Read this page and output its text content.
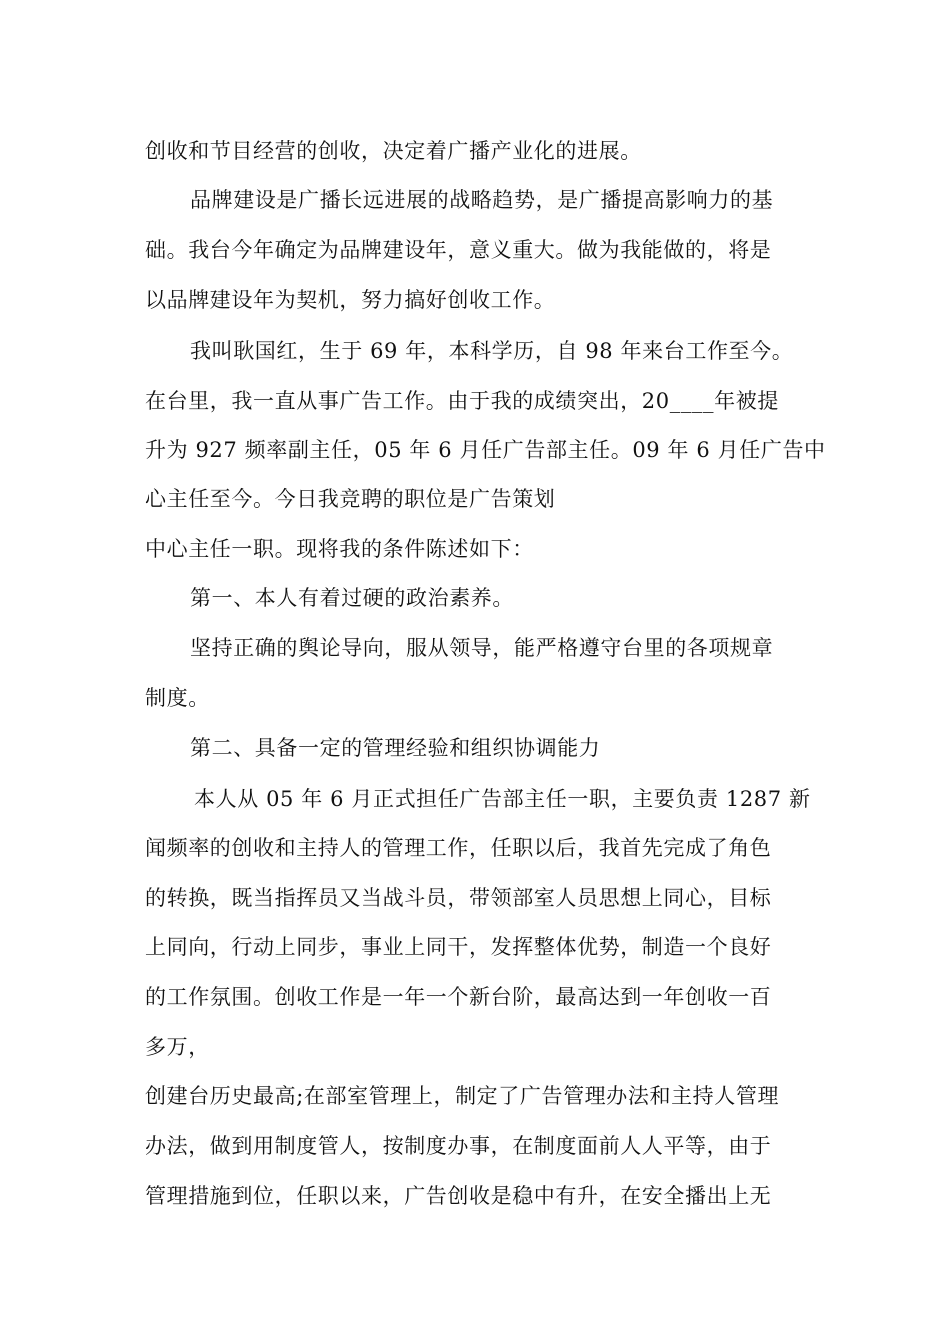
创收和节目经营的创收，决定着广播产业化的进展。
品牌建设是广播长远进展的战略趋势，是广播提高影响力的基
础。我台今年确定为品牌建设年，意义重大。做为我能做的，将是
以品牌建设年为契机，努力搞好创收工作。
我叫耿国红，生于 69 年，本科学历，自 98 年来台工作至今。
在台里，我一直从事广告工作。由于我的成绩突出，20____年被提
升为 927 频率副主任，05 年 6 月任广告部主任。09 年 6 月任广告中
心主任至今。今日我竞聘的职位是广告策划
中心主任一职。现将我的条件陈述如下：
第一、本人有着过硬的政治素养。
坚持正确的舆论导向，服从领导，能严格遵守台里的各项规章
制度。
第二、具备一定的管理经验和组织协调能力
本人从 05 年 6 月正式担任广告部主任一职，主要负责 1287 新
闻频率的创收和主持人的管理工作，任职以后，我首先完成了角色
的转换，既当指挥员又当战斗员，带领部室人员思想上同心，目标
上同向，行动上同步，事业上同干，发挥整体优势，制造一个良好
的工作氛围。创收工作是一年一个新台阶，最高达到一年创收一百
多万，
创建台历史最高;在部室管理上，制定了广告管理办法和主持人管理
办法，做到用制度管人，按制度办事，在制度面前人人平等，由于
管理措施到位，任职以来，广告创收是稳中有升，在安全播出上无
